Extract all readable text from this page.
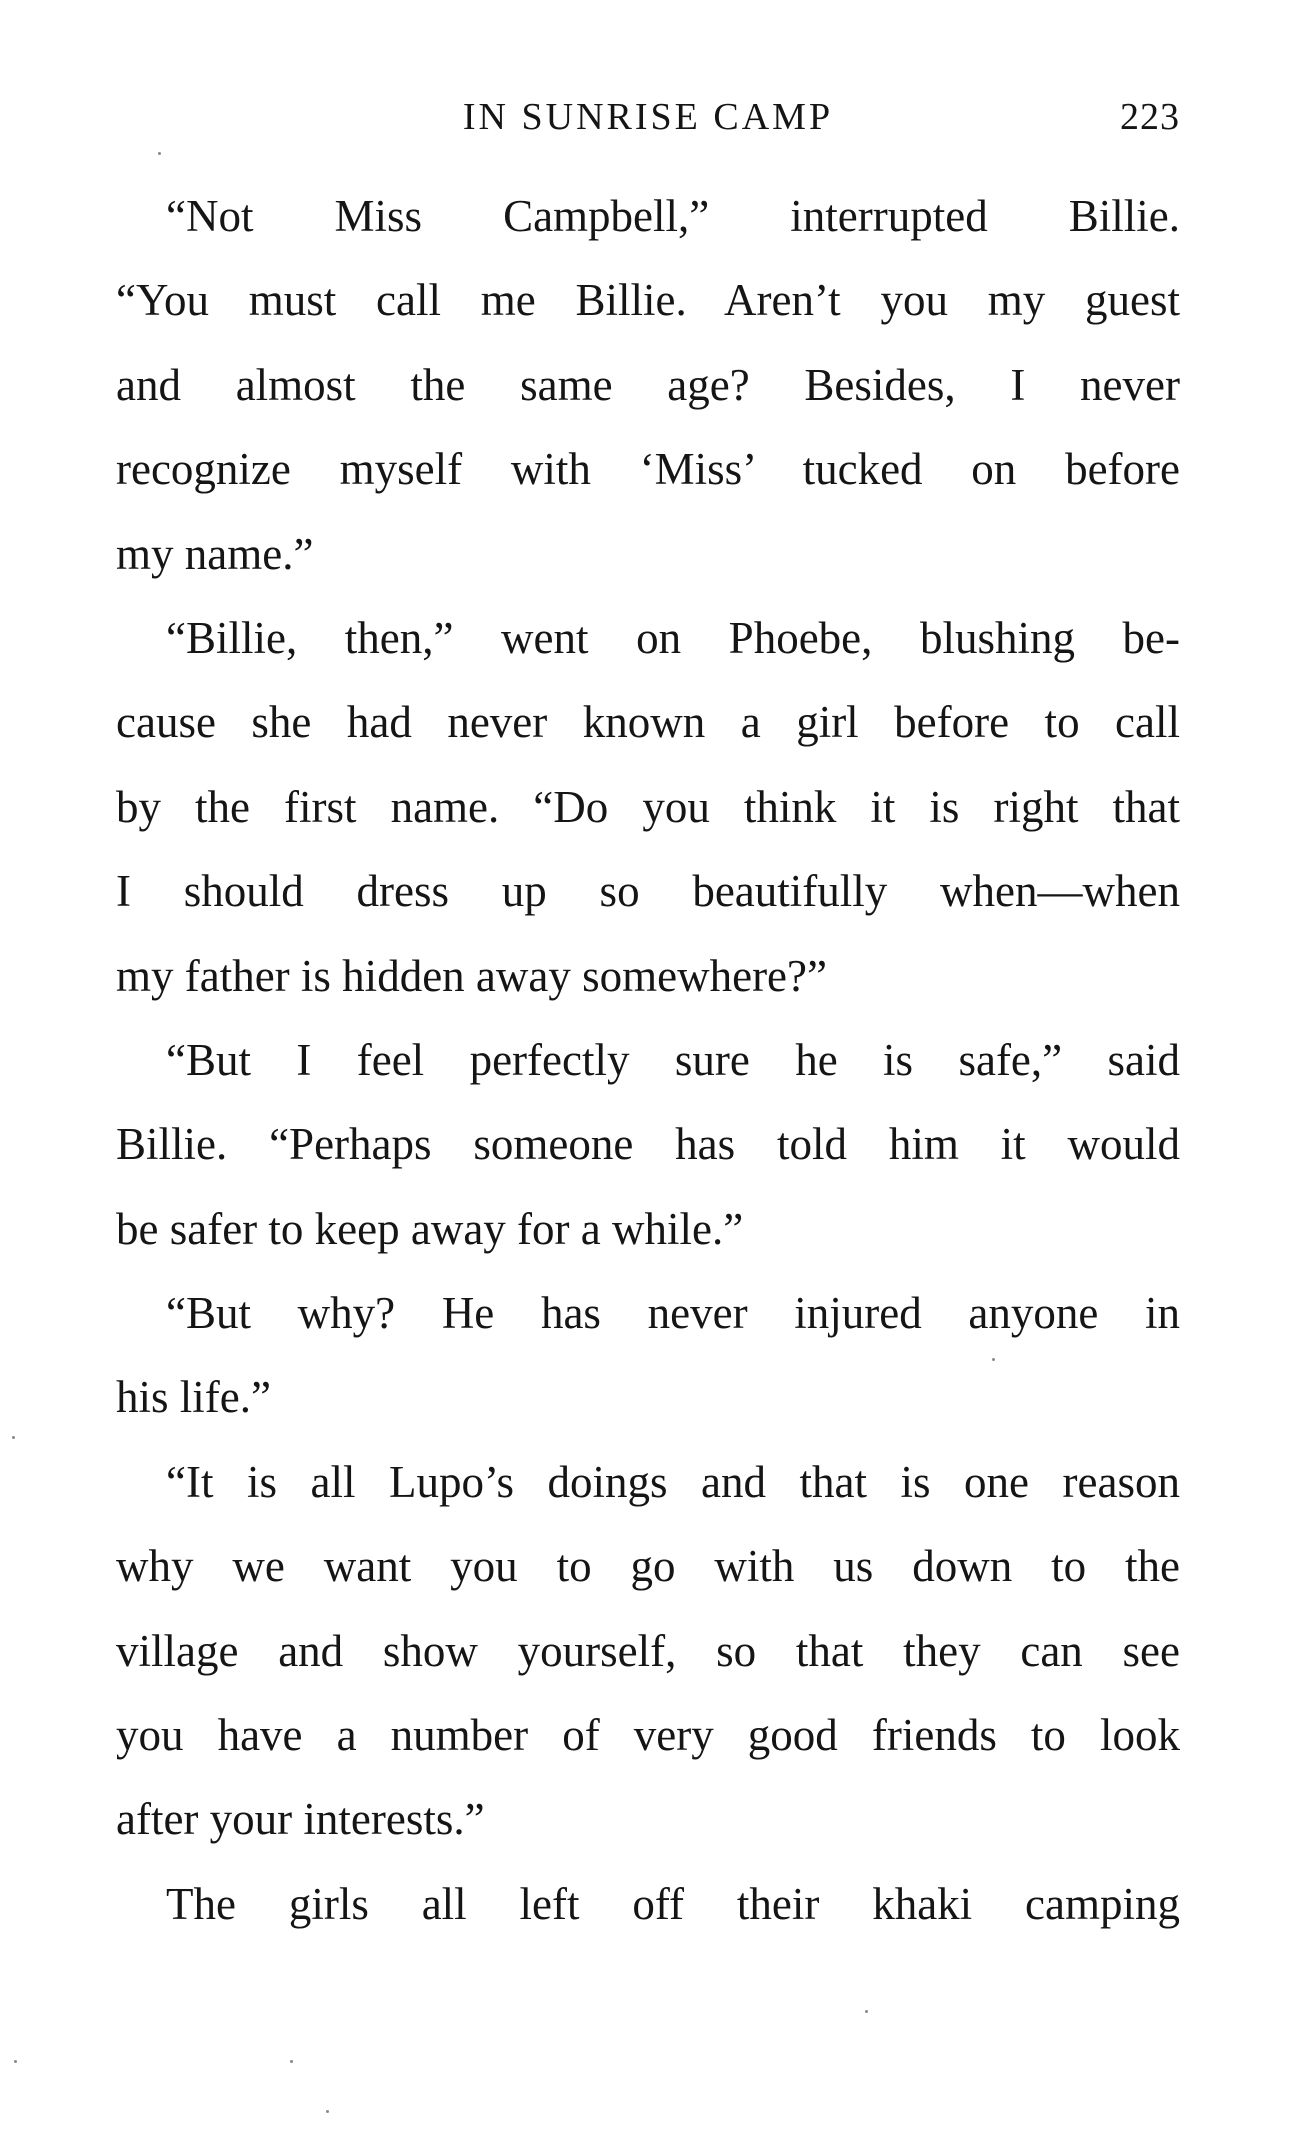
IN SUNRISE CAMP	223
“Not Miss Campbell,” interrupted Billie.
“You must call me Billie. Aren’t you my guest
and almost the same age? Besides, I never
recognize myself with ‘Miss’ tucked on before
my name.”
“Billie, then,” went on Phoebe, blushing be-
cause she had never known a girl before to call
by the first name. “Do you think it is right that
I should dress up so beautifully when—when
my father is hidden away somewhere?”
“But I feel perfectly sure he is safe,” said
Billie. “Perhaps someone has told him it would
be safer to keep away for a while.”
“But why? He has never injured anyone in
his life.”
“It is all Lupo’s doings and that is one reason
why we want you to go with us down to the
village and show yourself, so that they can see
you have a number of very good friends to look
after your interests.”
The girls all left off their khaki camping
